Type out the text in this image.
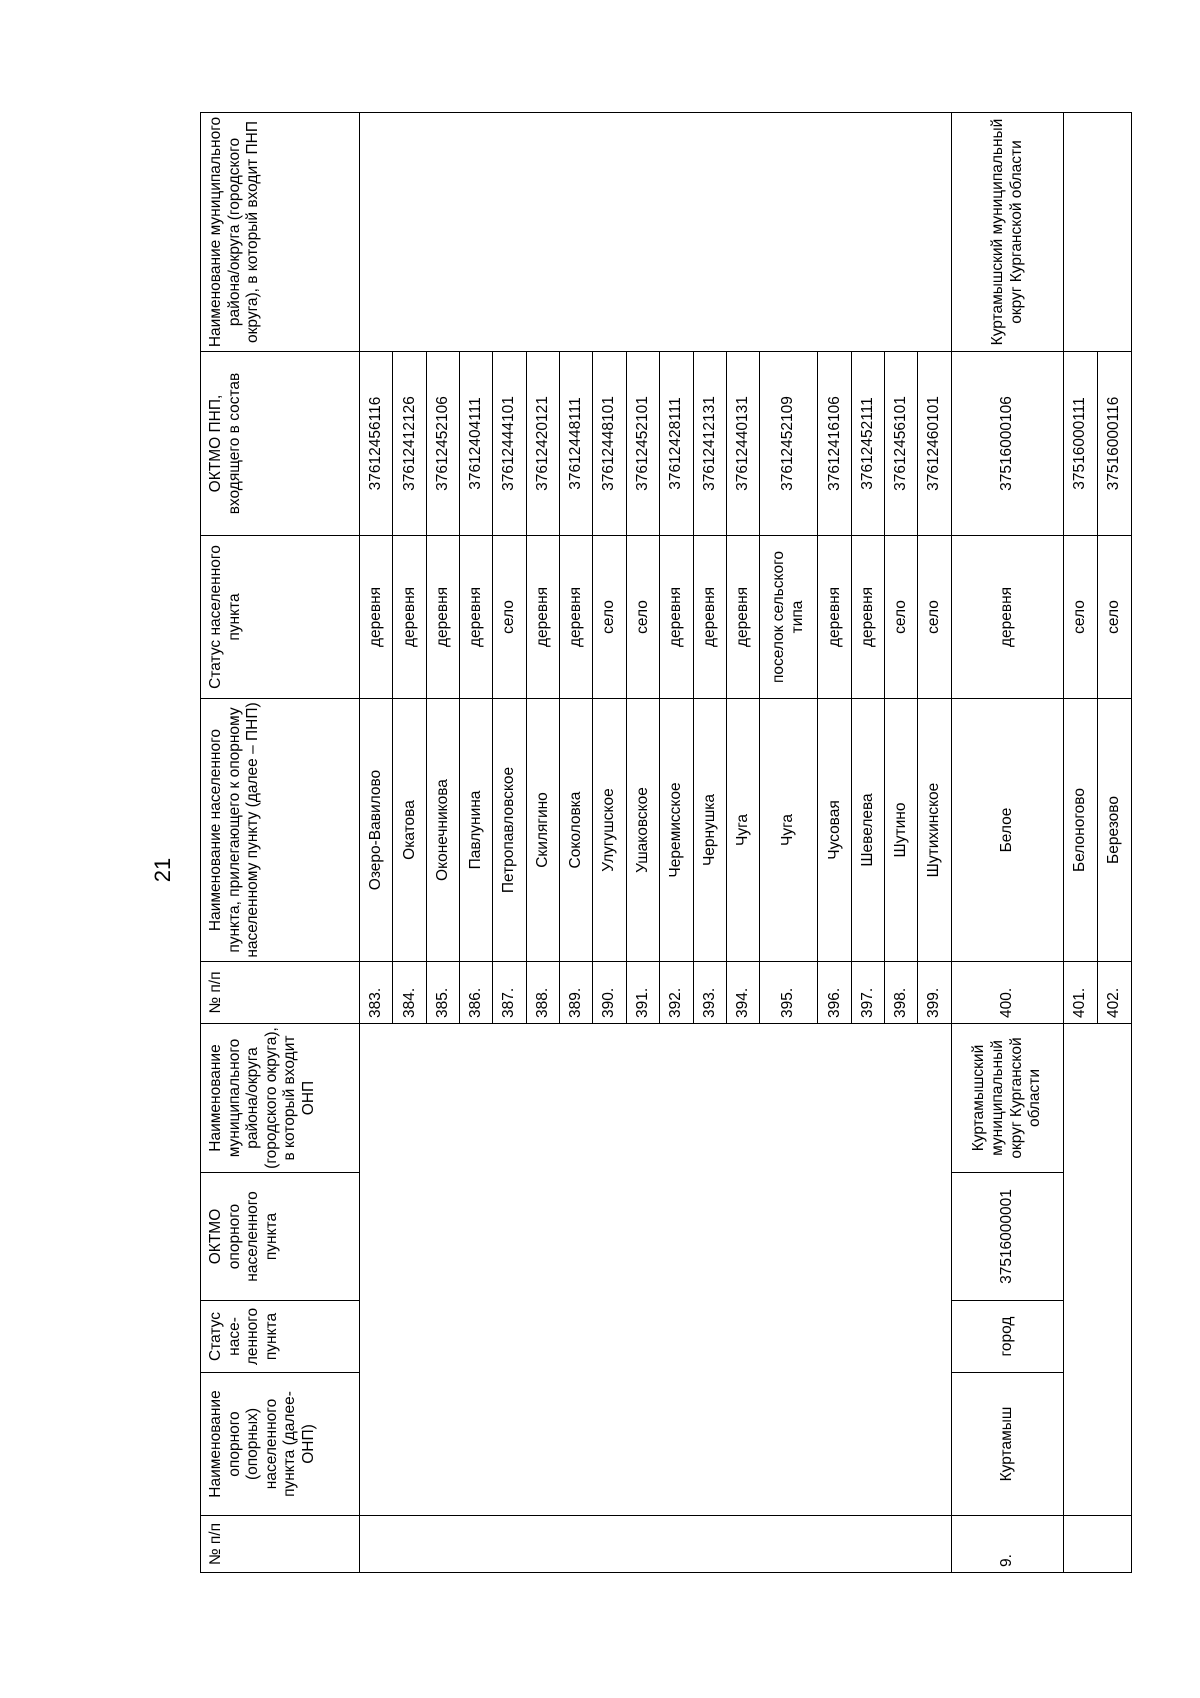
21
№ п/п	Наименование опорного (опорных) населенного пункта (далее- ОНП)	Статус насе- ленного пункта	ОКТМО опорного населенного пункта	Наименование муниципального района/округа (городского округа), в который входит ОНП	№ п/п	Наименование населенного пункта, прилегающего к опорному населенному пункту (далее – ПНП)	Статус населенного пункта	ОКТМО ПНП, входящего в состав	Наименование муниципального района/округа (городского округа), в который входит ПНП
					383.	Озеро-Вавилово	деревня	37612456116	
					384.	Окатова	деревня	37612412126	
					385.	Оконечникова	деревня	37612452106	
					386.	Павлунина	деревня	37612404111	
					387.	Петропавловское	село	37612444101	
					388.	Скилягино	деревня	37612420121	
					389.	Соколовка	деревня	37612448111	
					390.	Улугушское	село	37612448101	
					391.	Ушаковское	село	37612452101	
					392.	Черемисское	деревня	37612428111	
					393.	Чернушка	деревня	37612412131	
					394.	Чуга	деревня	37612440131	
					395.	Чуга	поселок сельского типа	37612452109	
					396.	Чусовая	деревня	37612416106	
					397.	Шевелева	деревня	37612452111	
					398.	Шутино	село	37612456101	
					399.	Шутихинское	село	37612460101	
9.	Куртамыш	город	37516000001	Куртамышский муниципальный округ Курганской области	400.	Белое	деревня	37516000106	Куртамышский муниципальный округ Курганской области
					401.	Белоногово	село	37516000111	
					402.	Березово	село	37516000116	
